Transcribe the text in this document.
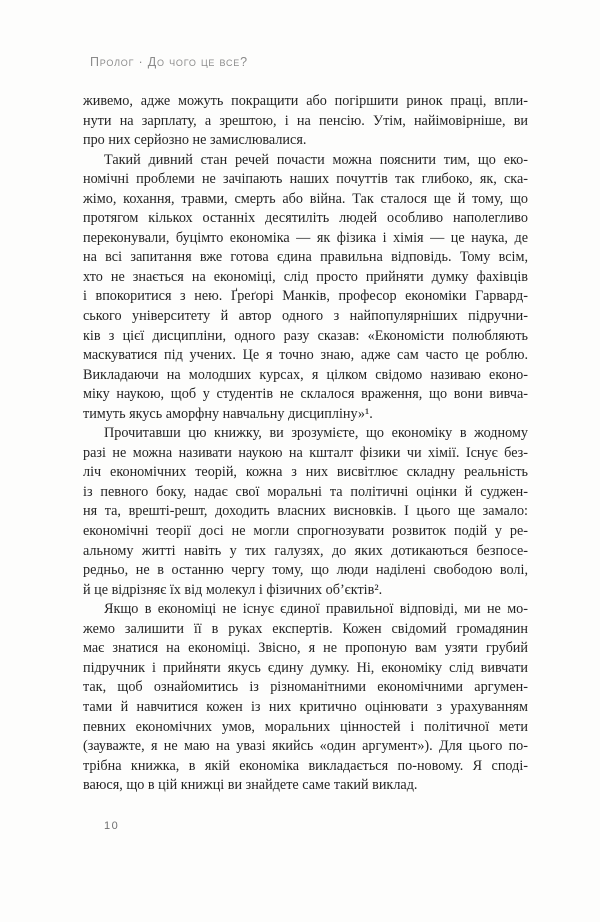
Пролог · До чого це все?
живемо, адже можуть покращити або погіршити ринок праці, впли-
нути на зарплату, а зрештою, і на пенсію. Утім, найімовірніше, ви
про них серйозно не замислювалися.
Такий дивний стан речей почасти можна пояснити тим, що еко-
номічні проблеми не зачіпають наших почуттів так глибоко, як, ска-
жімо, кохання, травми, смерть або війна. Так сталося ще й тому, що
протягом кількох останніх десятиліть людей особливо наполегливо
переконували, буцімто економіка — як фізика і хімія — це наука, де
на всі запитання вже готова єдина правильна відповідь. Тому всім,
хто не знається на економіці, слід просто прийняти думку фахівців
і впокоритися з нею. Ґреґорі Манків, професор економіки Гарвард-
ського університету й автор одного з найпопулярніших підручни-
ків з цієї дисципліни, одного разу сказав: «Економісти полюбляють
маскуватися під учених. Це я точно знаю, адже сам часто це роблю.
Викладаючи на молодших курсах, я цілком свідомо називаю еконо-
міку наукою, щоб у студентів не склалося враження, що вони вивча-
тимуть якусь аморфну навчальну дисципліну»¹.
Прочитавши цю книжку, ви зрозумієте, що економіку в жодному
разі не можна називати наукою на кшталт фізики чи хімії. Існує без-
ліч економічних теорій, кожна з них висвітлює складну реальність
із певного боку, надає свої моральні та політичні оцінки й суджен-
ня та, врешті-решт, доходить власних висновків. І цього ще замало:
економічні теорії досі не могли спрогнозувати розвиток подій у ре-
альному житті навіть у тих галузях, до яких дотикаються безпосе-
редньо, не в останню чергу тому, що люди наділені свободою волі,
й це відрізняє їх від молекул і фізичних об’єктів².
Якщо в економіці не існує єдиної правильної відповіді, ми не мо-
жемо залишити її в руках експертів. Кожен свідомий громадянин
має знатися на економіці. Звісно, я не пропоную вам узяти грубий
підручник і прийняти якусь єдину думку. Ні, економіку слід вивчати
так, щоб ознайомитись із різноманітними економічними аргумен-
тами й навчитися кожен із них критично оцінювати з урахуванням
певних економічних умов, моральних цінностей і політичної мети
(зауважте, я не маю на увазі якийсь «один аргумент»). Для цього по-
трібна книжка, в якій економіка викладається по-новому. Я споді-
ваюся, що в цій книжці ви знайдете саме такий виклад.
10
